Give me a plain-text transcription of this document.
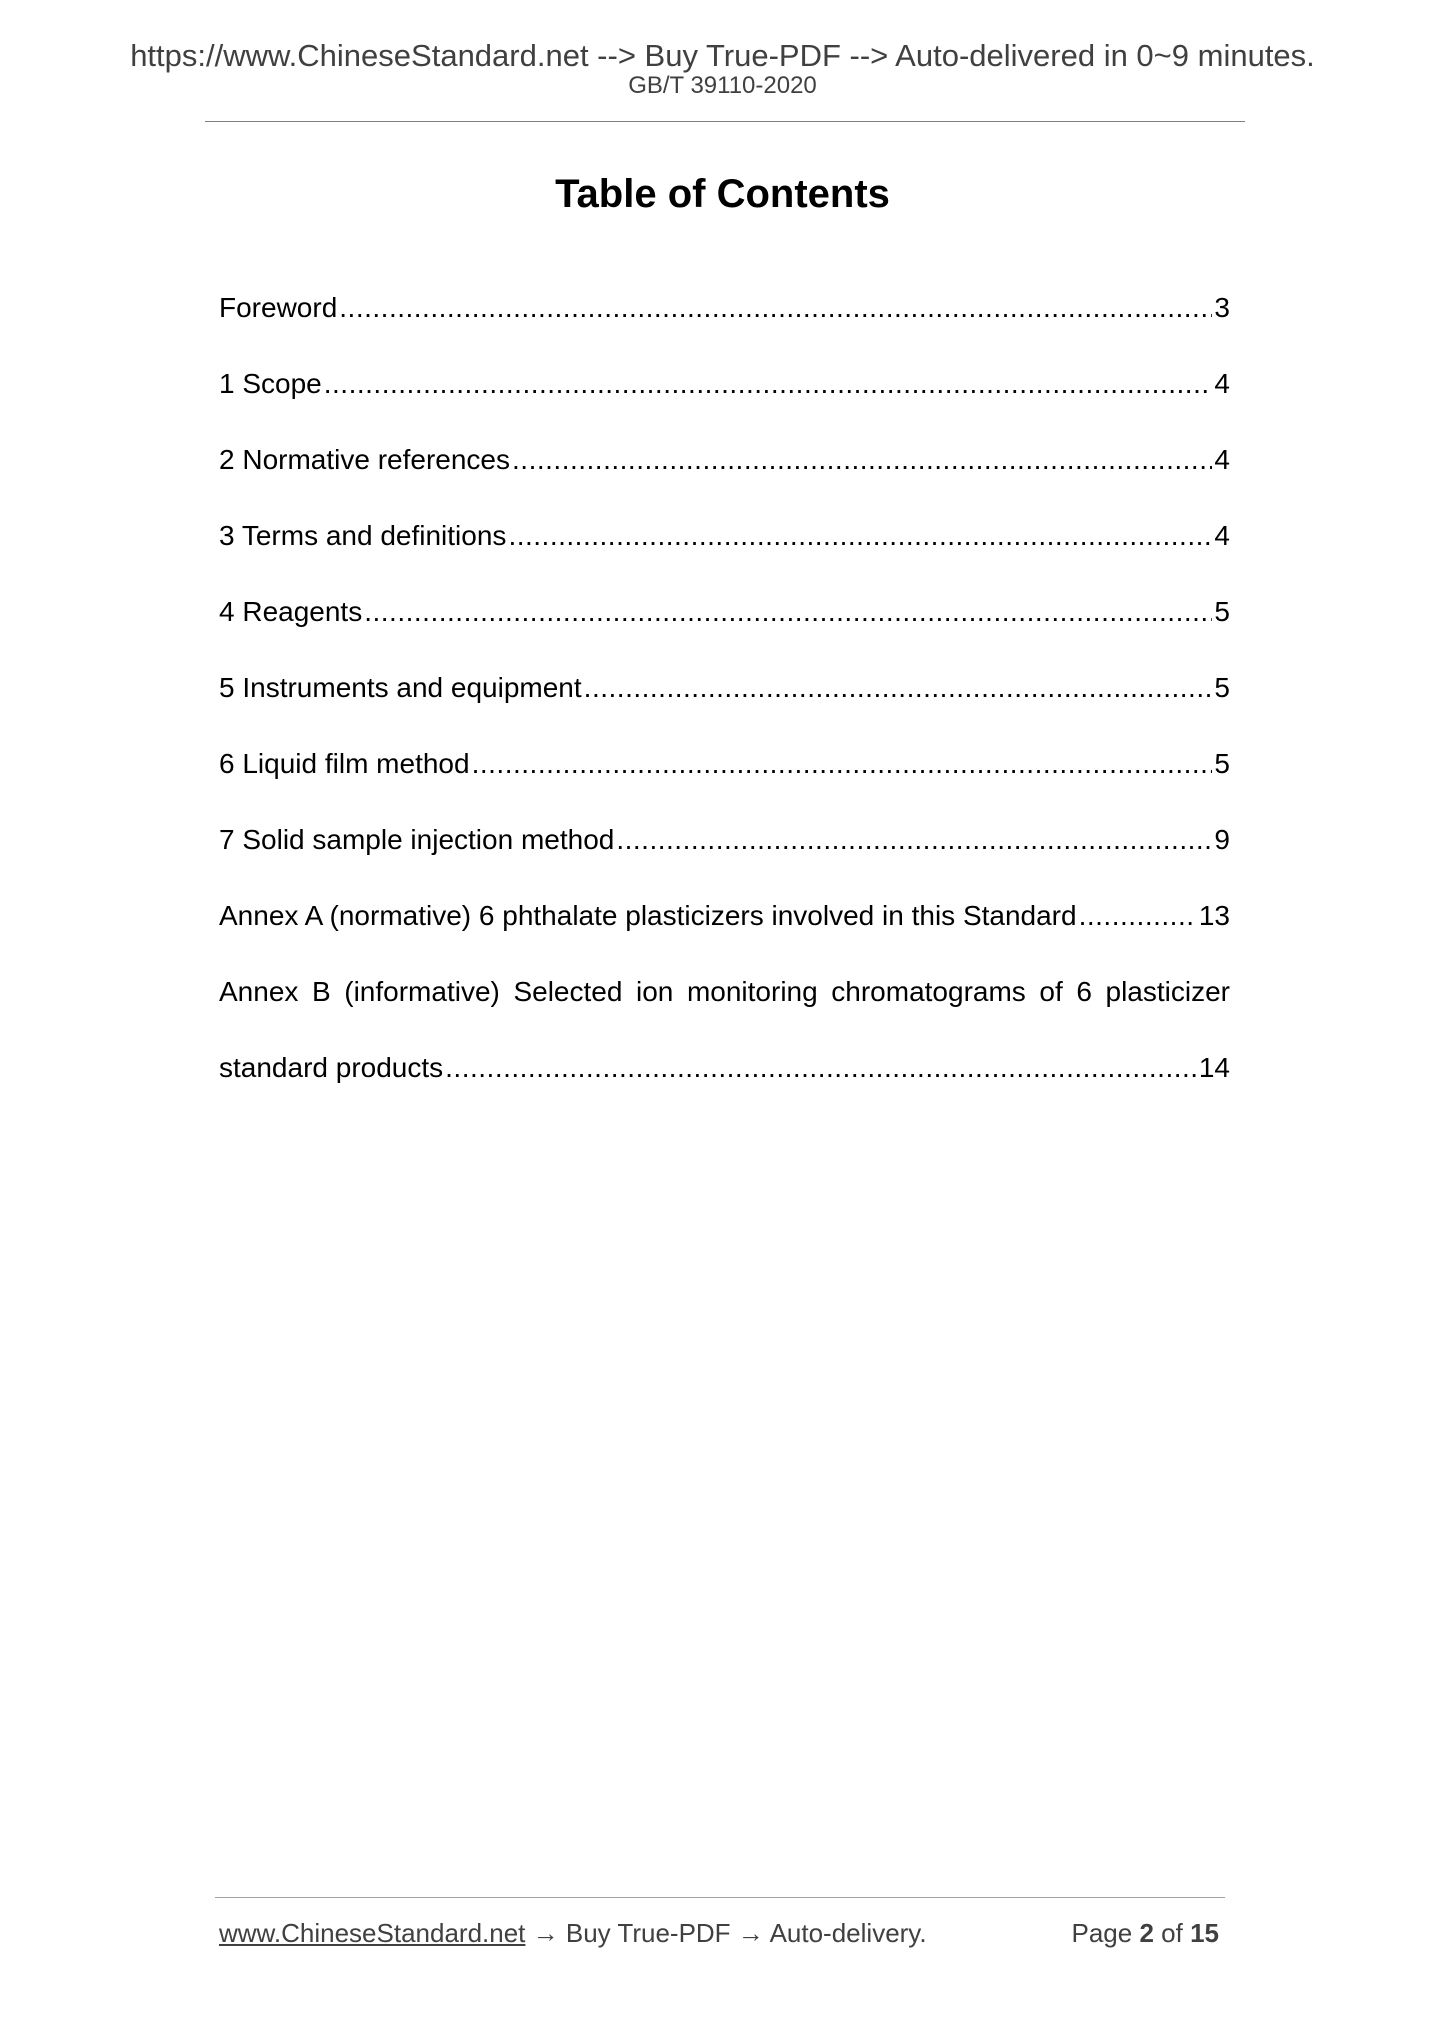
https://www.ChineseStandard.net --> Buy True-PDF --> Auto-delivered in 0~9 minutes.
GB/T 39110-2020
Table of Contents
Foreword .....	3
1 Scope .....	4
2 Normative references .....	4
3 Terms and definitions .....	4
4 Reagents .....	5
5 Instruments and equipment .....	5
6 Liquid film method .....	5
7 Solid sample injection method .....	9
Annex A (normative) 6 phthalate plasticizers involved in this Standard .....	13
Annex B (informative) Selected ion monitoring chromatograms of 6 plasticizer
standard products .....	14
www.ChineseStandard.net → Buy True-PDF → Auto-delivery.	Page 2 of 15
